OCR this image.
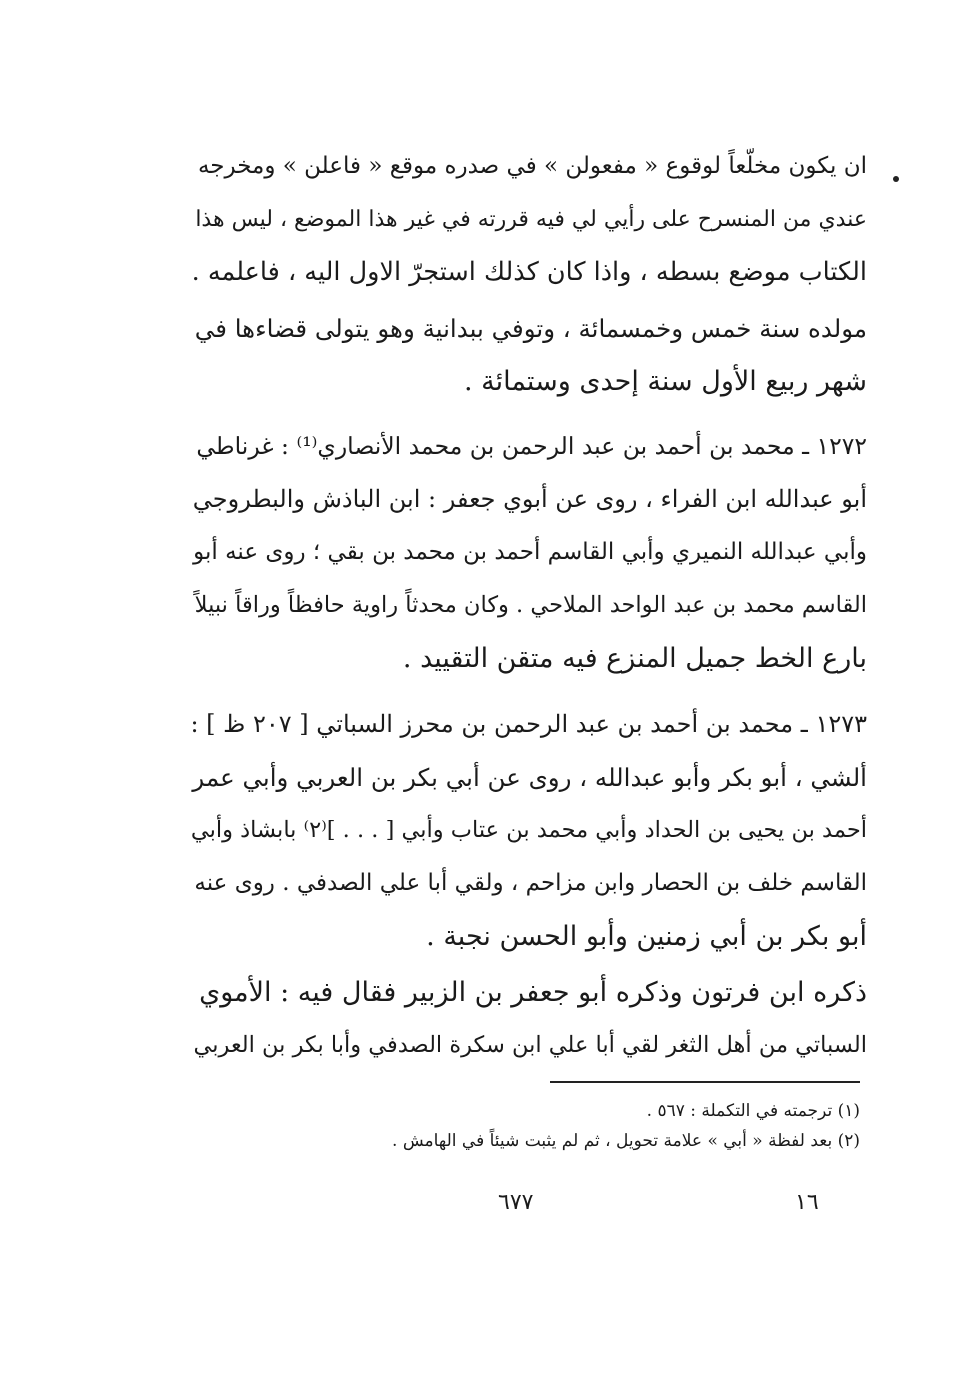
ان يكون مخلّعاً لوقوع « مفعولن » في صدره موقع « فاعلن » ومخرجه
عندي من المنسرح على رأيي لي فيه قررته في غير هذا الموضع ، ليس هذا
الكتاب موضع بسطه ، واذا كان كذلك استجرّ الاول اليه ، فاعلمه .
مولده سنة خمس وخمسمائة ، وتوفي ببدانية وهو يتولى قضاءها في
شهر ربيع الأول سنة إحدى وستمائة .
١٢٧٢ ـ محمد بن أحمد بن عبد الرحمن بن محمد الأنصاري⁽¹⁾ : غرناطي
أبو عبدالله ابن الفراء ، روى عن أبوي جعفر : ابن الباذش والبطروجي
وأبي عبدالله النميري وأبي القاسم أحمد بن محمد بن بقي ؛ روى عنه أبو
القاسم محمد بن عبد الواحد الملاحي . وكان محدثاً راوية حافظاً وراقاً نبيلاً
بارع الخط جميل المنزع فيه متقن التقييد .
١٢٧٣ ـ محمد بن أحمد بن عبد الرحمن بن محرز السباتي [ ٢٠٧ ظ ] :
ألشي ، أبو بكر وأبو عبدالله ، روى عن أبي بكر بن العربي وأبي عمر
أحمد بن يحيى بن الحداد وأبي محمد بن عتاب وأبي [ . . . ]⁽٢⁾ بابشاذ وأبي
القاسم خلف بن الحصار وابن مزاحم ، ولقي أبا علي الصدفي . روى عنه
أبو بكر بن أبي زمنين وأبو الحسن نجبة .
ذكره ابن فرتون وذكره أبو جعفر بن الزبير فقال فيه : الأموي
السباتي من أهل الثغر لقي أبا علي ابن سكرة الصدفي وأبا بكر بن العربي
(١) ترجمته في التكملة : ٥٦٧ .
(٢) بعد لفظة « أبي » علامة تحويل ، ثم لم يثبت شيئاً في الهامش .
٦٧٧	١٦
